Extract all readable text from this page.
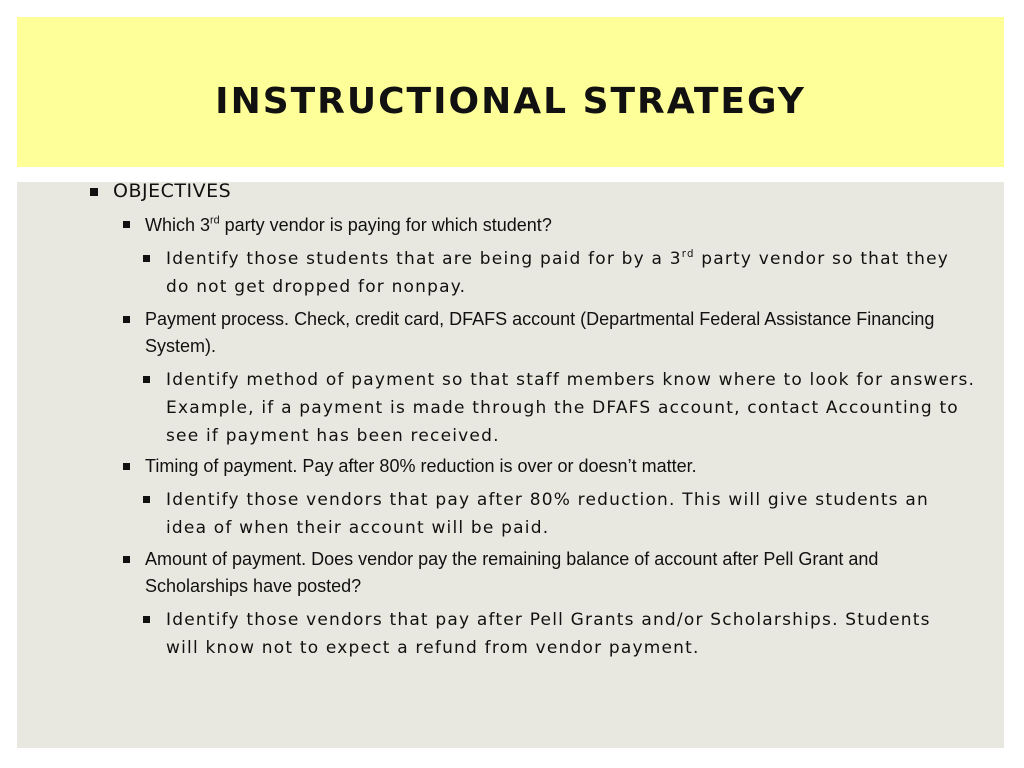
INSTRUCTIONAL STRATEGY
OBJECTIVES
Which 3rd party vendor is paying for which student?
Identify those students that are being paid for by a 3rd party vendor so that they do not get dropped for nonpay.
Payment process. Check, credit card, DFAFS account (Departmental Federal Assistance Financing System).
Identify method of payment so that staff members know where to look for answers. Example, if a payment is made through the DFAFS account, contact Accounting to see if payment has been received.
Timing of payment. Pay after 80% reduction is over or doesn’t matter.
Identify those vendors that pay after 80% reduction. This will give students an idea of when their account will be paid.
Amount of payment. Does vendor pay the remaining balance of account after Pell Grant and Scholarships have posted?
Identify those vendors that pay after Pell Grants and/or Scholarships. Students will know not to expect a refund from vendor payment.
